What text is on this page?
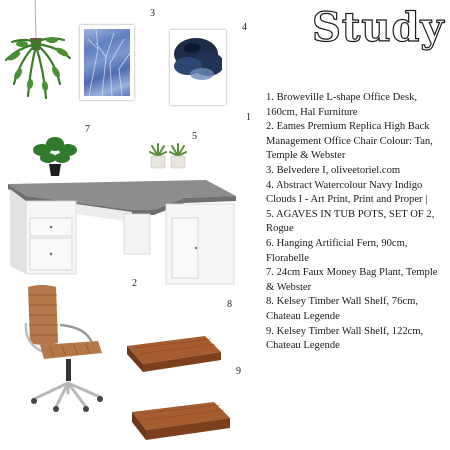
Study
3
4
1
7
5
2
8
9
1. Broweville L-shape Office Desk, 160cm, Hal Furniture
2. Eames Premium Replica High Back Management Office Chair Colour: Tan, Temple & Webster
3. Belvedere I, oliveetoriel.com
4. Abstract Watercolour Navy Indigo Clouds I - Art Print, Print and Proper |
5. AGAVES IN TUB POTS, SET OF 2, Rogue
6. Hanging Artificial Fern, 90cm, Florabelle
7. 24cm Faux Money Bag Plant, Temple & Webster
8. Kelsey Timber Wall Shelf, 76cm, Chateau Legende
9. Kelsey Timber Wall Shelf, 122cm, Chateau Legende
